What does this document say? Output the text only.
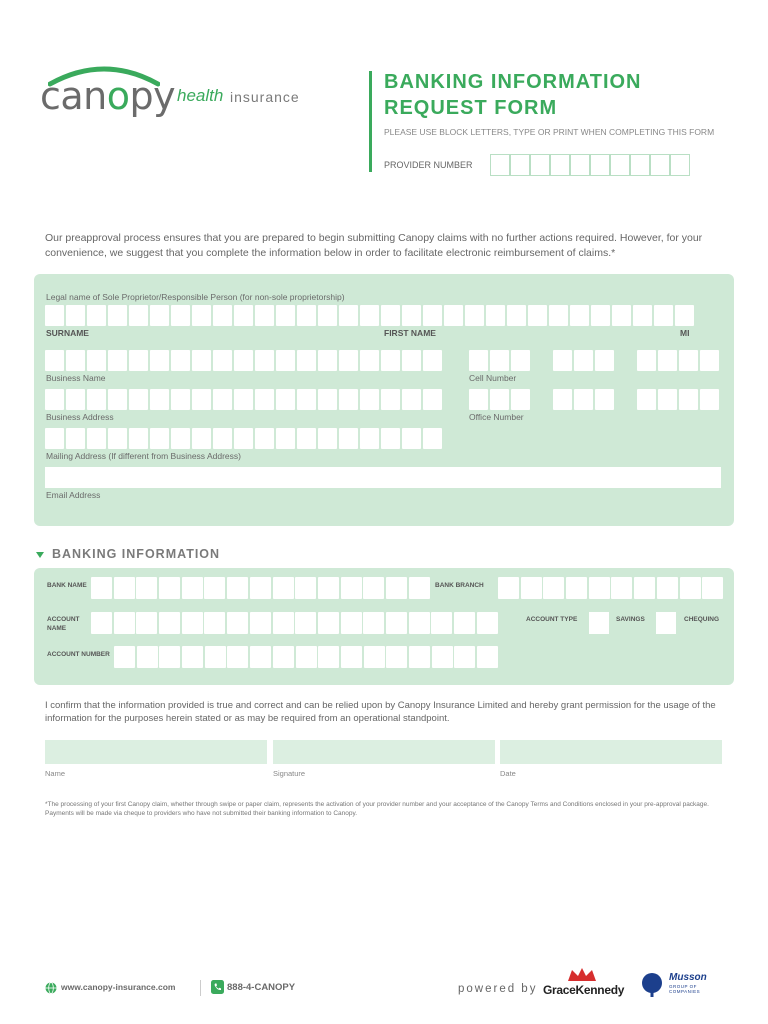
canopy health insurance
BANKING INFORMATION
REQUEST FORM
PLEASE USE BLOCK LETTERS, TYPE OR PRINT WHEN COMPLETING THIS FORM
PROVIDER NUMBER
Our preapproval process ensures that you are prepared to begin submitting Canopy claims with no further actions required. However, for your convenience, we suggest that you complete the information below in order to facilitate electronic reimbursement of claims.*
Legal name of Sole Proprietor/Responsible Person (for non-sole proprietorship)
SURNAME	FIRST NAME	MI
Business Name	Cell Number
Business Address	Office Number
Mailing Address (If different from Business Address)
Email Address
BANKING INFORMATION
BANK NAME	BANK BRANCH
ACCOUNT
NAME
ACCOUNT TYPE	SAVINGS	CHEQUING
ACCOUNT NUMBER
I confirm that the information provided is true and correct and can be relied upon by Canopy Insurance Limited and hereby grant permission for the usage of the information for the purposes herein stated or as may be required from an operational standpoint.
Name	Signature	Date
*The processing of your first Canopy claim, whether through swipe or paper claim, represents the activation of your provider number and your acceptance of the Canopy Terms and Conditions enclosed in your pre-approval package. Payments will be made via cheque to providers who have not submitted their banking information to Canopy.
www.canopy-insurance.com	888-4-CANOPY	powered by GraceKennedy
Musson
GROUP OF COMPANIES
